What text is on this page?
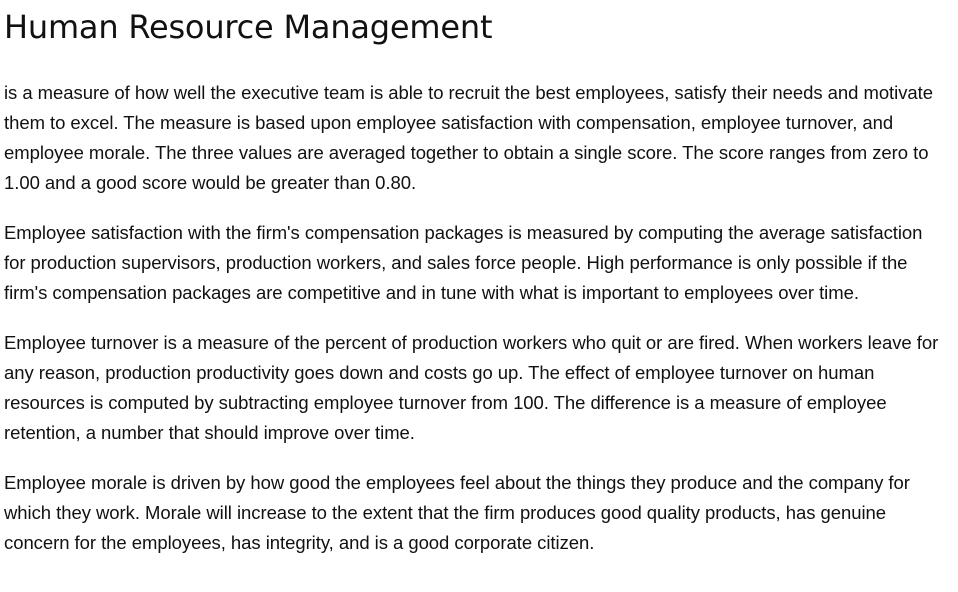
Human Resource Management

is a measure of how well the executive team is able to recruit the best employees, satisfy their needs and motivate them to excel. The measure is based upon employee satisfaction with compensation, employee turnover, and employee morale. The three values are averaged together to obtain a single score. The score ranges from zero to 1.00 and a good score would be greater than 0.80.

Employee satisfaction with the firm's compensation packages is measured by computing the average satisfaction for production supervisors, production workers, and sales force people. High performance is only possible if the firm's compensation packages are competitive and in tune with what is important to employees over time.

Employee turnover is a measure of the percent of production workers who quit or are fired. When workers leave for any reason, production productivity goes down and costs go up. The effect of employee turnover on human resources is computed by subtracting employee turnover from 100. The difference is a measure of employee retention, a number that should improve over time.

Employee morale is driven by how good the employees feel about the things they produce and the company for which they work. Morale will increase to the extent that the firm produces good quality products, has genuine concern for the employees, has integrity, and is a good corporate citizen.
